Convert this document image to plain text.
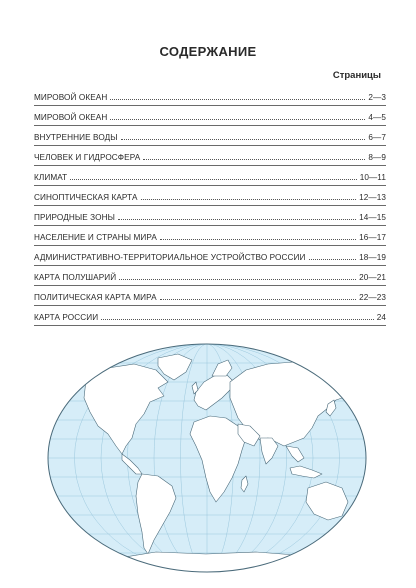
СОДЕРЖАНИЕ
Страницы
МИРОВОЙ ОКЕАН	2—3
МИРОВОЙ ОКЕАН	4—5
ВНУТРЕННИЕ ВОДЫ	6—7
ЧЕЛОВЕК И ГИДРОСФЕРА	8—9
КЛИМАТ	10—11
СИНОПТИЧЕСКАЯ КАРТА	12—13
ПРИРОДНЫЕ ЗОНЫ	14—15
НАСЕЛЕНИЕ И СТРАНЫ МИРА	16—17
АДМИНИСТРАТИВНО-ТЕРРИТОРИАЛЬНОЕ УСТРОЙСТВО РОССИИ	18—19
КАРТА ПОЛУШАРИЙ	20—21
ПОЛИТИЧЕСКАЯ КАРТА МИРА	22—23
КАРТА РОССИИ	24
